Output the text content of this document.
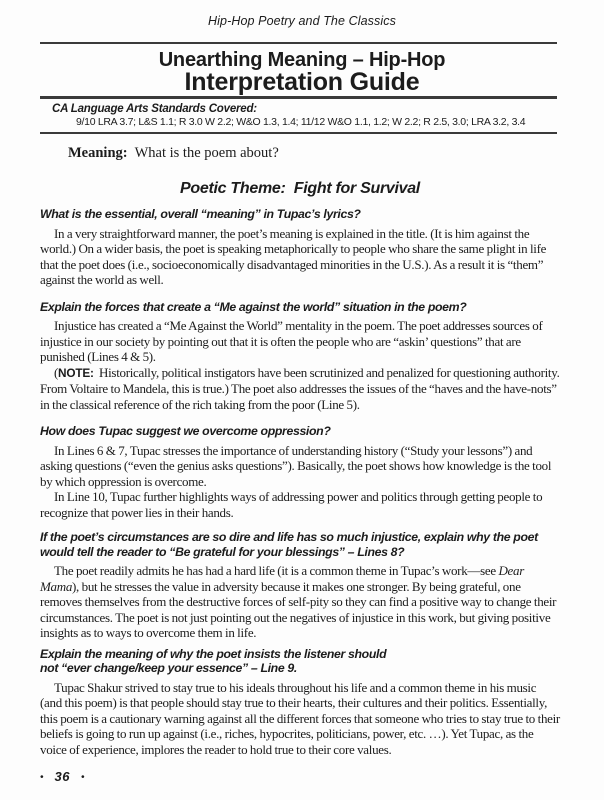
Hip-Hop Poetry and The Classics
Unearthing Meaning – Hip-Hop
Interpretation Guide
CA Language Arts Standards Covered:
9/10 LRA 3.7; L&S 1.1; R 3.0 W 2.2; W&O 1.3, 1.4; 11/12 W&O 1.1, 1.2; W 2.2; R 2.5, 3.0; LRA 3.2, 3.4
Meaning: What is the poem about?
Poetic Theme:  Fight for Survival
What is the essential, overall “meaning” in Tupac’s lyrics?

In a very straightforward manner, the poet’s meaning is explained in the title. (It is him against the world.) On a wider basis, the poet is speaking metaphorically to people who share the same plight in life that the poet does (i.e., socioeconomically disadvantaged minorities in the U.S.). As a result it is “them” against the world as well.

Explain the forces that create a “Me against the world” situation in the poem?

Injustice has created a “Me Against the World” mentality in the poem. The poet addresses sources of injustice in our society by pointing out that it is often the people who are “askin’ questions” that are punished (Lines 4 & 5).

(NOTE:  Historically, political instigators have been scrutinized and penalized for questioning authority. From Voltaire to Mandela, this is true.) The poet also addresses the issues of the “haves and the have-nots” in the classical reference of the rich taking from the poor (Line 5).

How does Tupac suggest we overcome oppression?

In Lines 6 & 7, Tupac stresses the importance of understanding history (“Study your lessons”) and asking questions (“even the genius asks questions”). Basically, the poet shows how knowledge is the tool by which oppression is overcome.

In Line 10, Tupac further highlights ways of addressing power and politics through getting people to recognize that power lies in their hands.

If the poet’s circumstances are so dire and life has so much injustice, explain why the poet
would tell the reader to “Be grateful for your blessings” – Lines 8?

The poet readily admits he has had a hard life (it is a common theme in Tupac’s work—see Dear Mama), but he stresses the value in adversity because it makes one stronger. By being grateful, one removes themselves from the destructive forces of self-pity so they can find a positive way to change their circumstances. The poet is not just pointing out the negatives of injustice in this work, but giving positive insights as to ways to overcome them in life.

Explain the meaning of why the poet insists the listener should
not “ever change/keep your essence” – Line 9.

Tupac Shakur strived to stay true to his ideals throughout his life and a common theme in his music (and this poem) is that people should stay true to their hearts, their cultures and their politics. Essentially, this poem is a cautionary warning against all the different forces that someone who tries to stay true to their beliefs is going to run up against (i.e., riches, hypocrites, politicians, power, etc. …). Yet Tupac, as the voice of experience, implores the reader to hold true to their core values.

• 36 •
